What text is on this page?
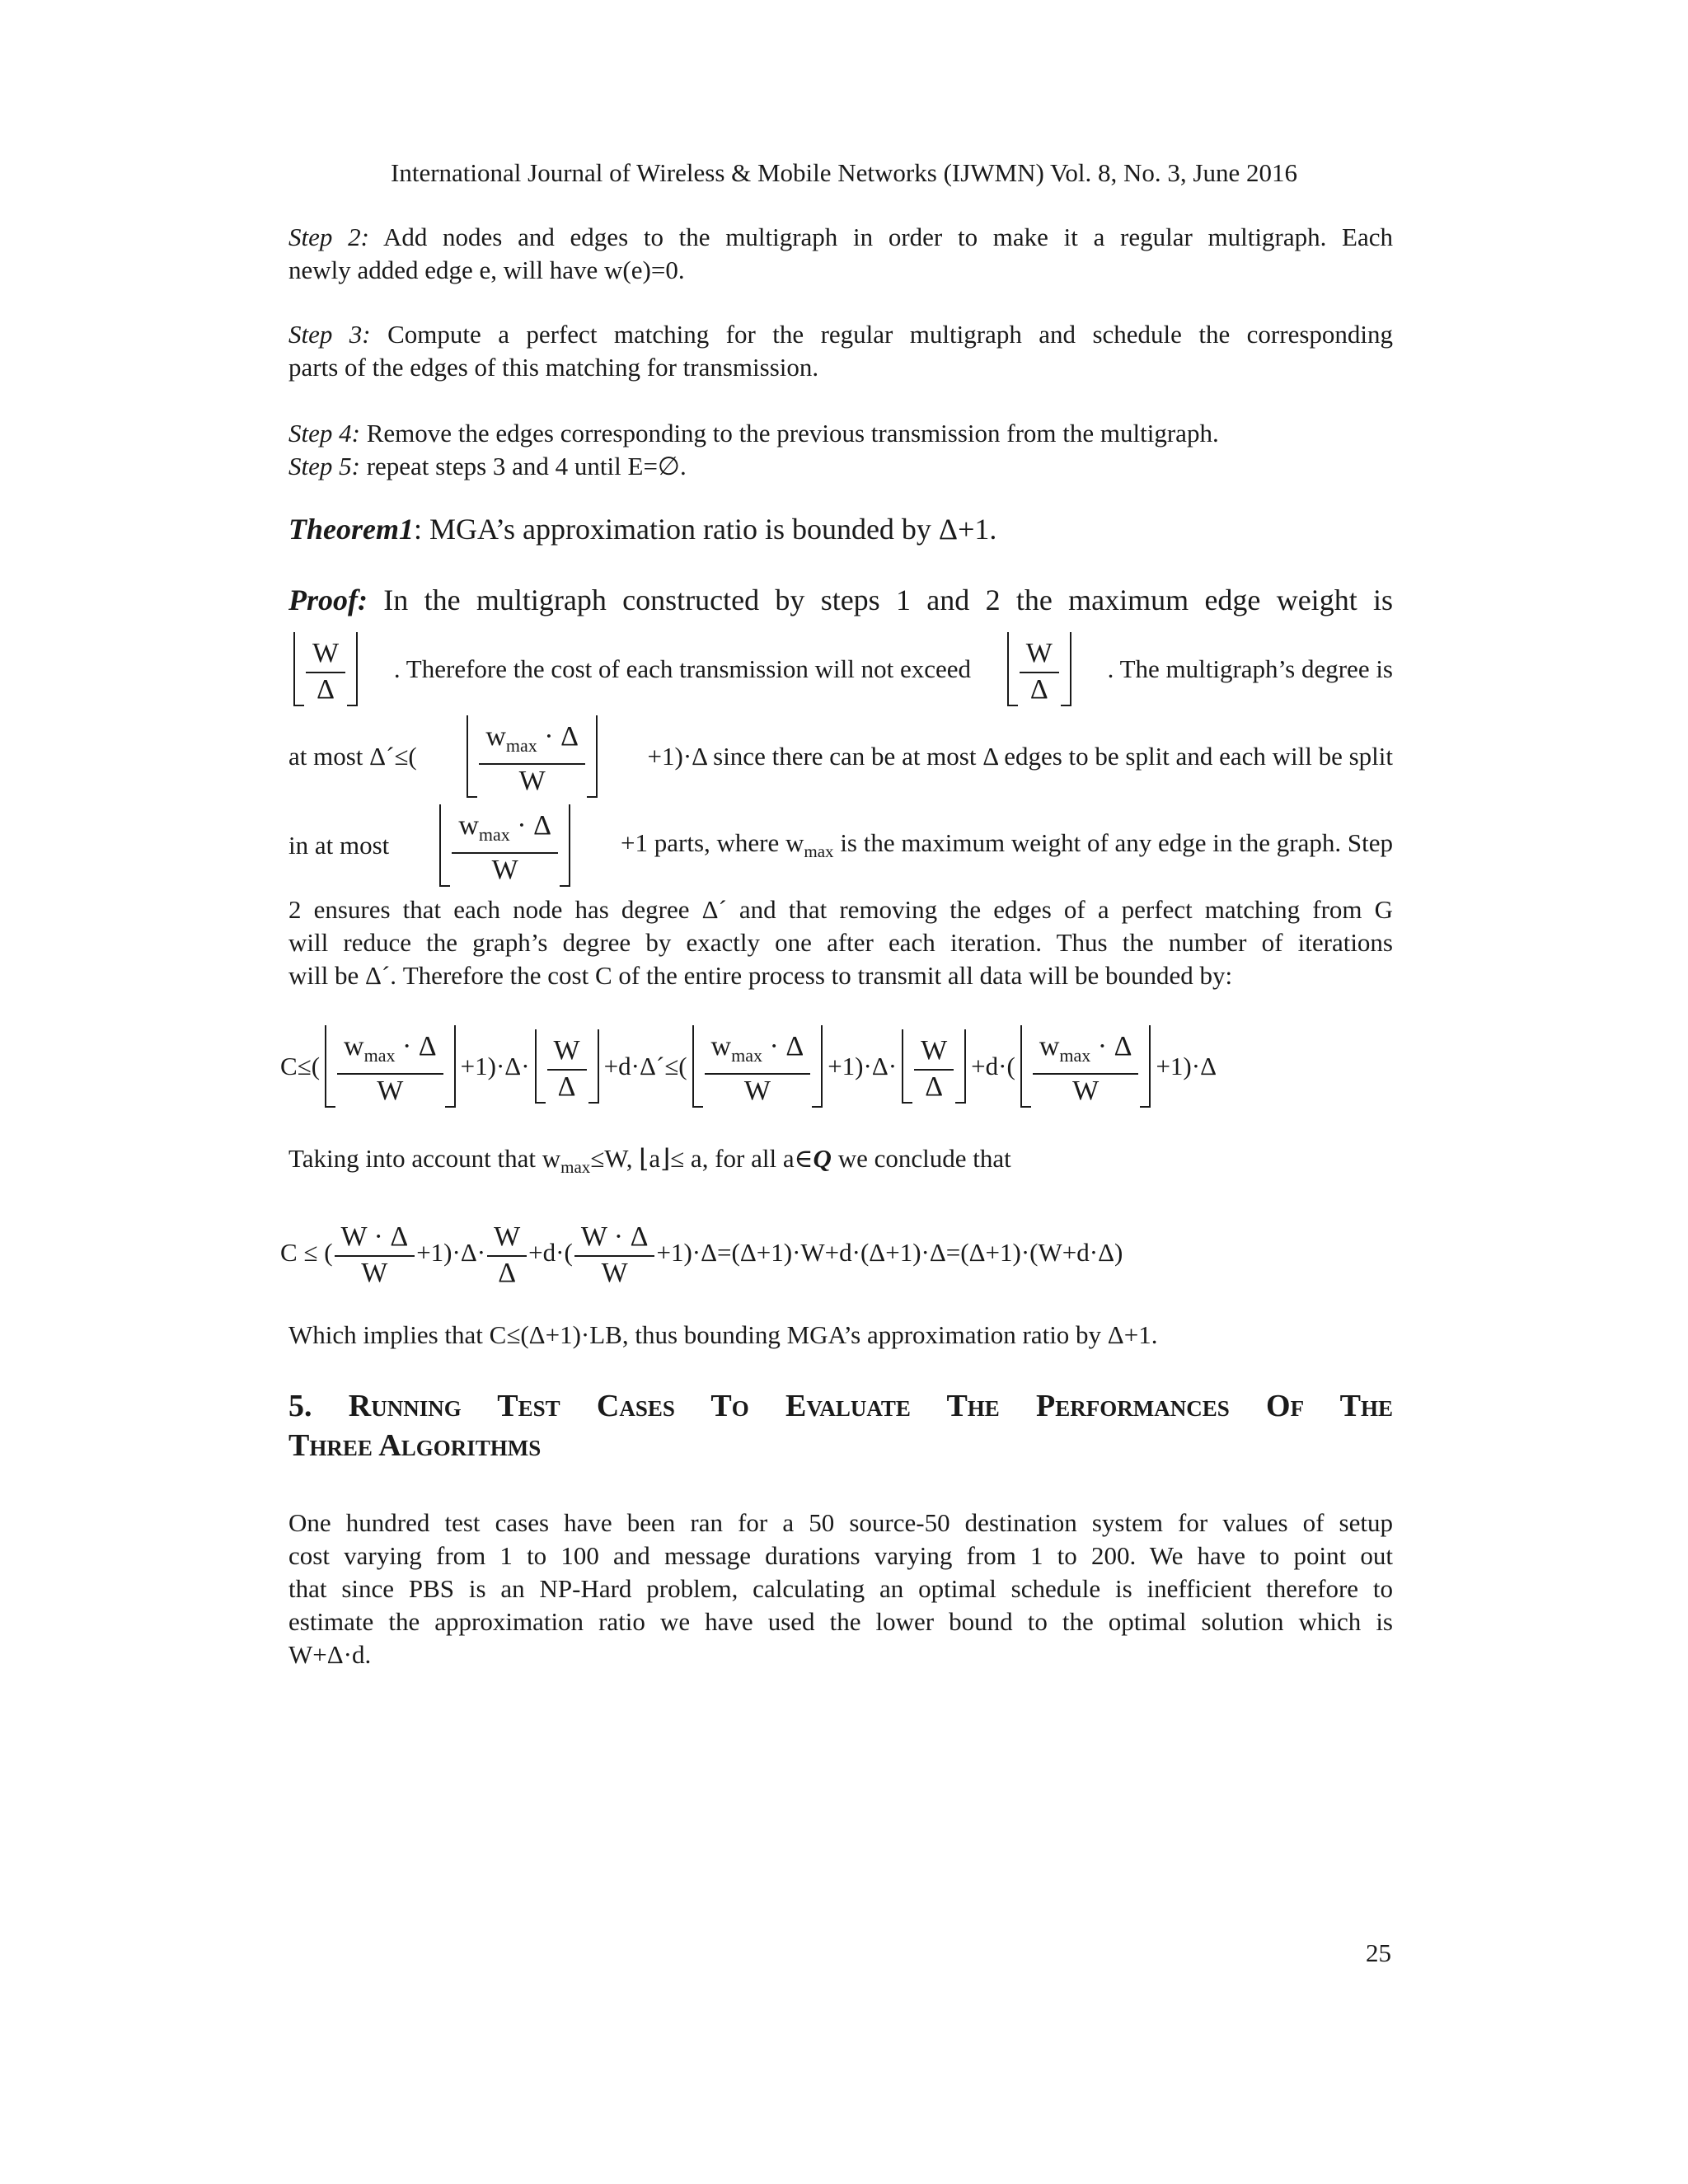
International Journal of Wireless & Mobile Networks (IJWMN) Vol. 8, No. 3, June 2016
Step 2: Add nodes and edges to the multigraph in order to make it a regular multigraph. Each
newly added edge e, will have w(e)=0.
Step 3: Compute a perfect matching for the regular multigraph and schedule the corresponding
parts of the edges of this matching for transmission.
Step 4: Remove the edges corresponding to the previous transmission from the multigraph.
Step 5: repeat steps 3 and 4 until E=∅.
Theorem1: MGA’s approximation ratio is bounded by Δ+1.
Proof: In the multigraph constructed by steps 1 and 2 the maximum edge weight is
$\frac{W}{\Delta}$ . Therefore the cost of each transmission will not exceed $\frac{W}{\Delta}$ . The multigraph’s degree is
at most Δ´≤( $\frac{w_{max} \cdot \Delta}{W} +1)\cdot\Delta$ since there can be at most Δ edges to be split and each will be split
in at most $\frac{w_{max} \cdot \Delta}{W} +1$ parts, where $w_{max}$ is the maximum weight of any edge in the graph. Step
2 ensures that each node has degree Δ´ and that removing the edges of a perfect matching from G
will reduce the graph’s degree by exactly one after each iteration. Thus the number of iterations
will be Δ´. Therefore the cost C of the entire process to transmit all data will be bounded by:
$C\le( \frac{w_{max} \cdot \Delta}{W} +1)\cdot\Delta\cdot \frac{W}{\Delta}$ +d·Δ´≤( $\frac{w_{max} \cdot \Delta}{W} +1)\cdot\Delta\cdot \frac{W}{\Delta} +d\cdot( \frac{w_{max} \cdot \Delta}{W} +1)\cdot\Delta$
Taking into account that $w_{max}\le W$, ⌊a⌋≤ a, for all a∈Q we conclude that
C ≤ ( $\frac{W \cdot \Delta}{W} +1)\cdot\Delta\cdot \frac{W}{\Delta} +d\cdot( \frac{W \cdot \Delta}{W} +1)\cdot\Delta=(\Delta+1)\cdot W+d\cdot(\Delta+1)\cdot\Delta=(\Delta+1)\cdot(W+d\cdot\Delta)$
Which implies that C≤(Δ+1)·LB, thus bounding MGA’s approximation ratio by Δ+1.
5. Running Test Cases To Evaluate The Performances Of The
Three Algorithms
One hundred test cases have been ran for a 50 source-50 destination system for values of setup
cost varying from 1 to 100 and message durations varying from 1 to 200. We have to point out
that since PBS is an NP-Hard problem, calculating an optimal schedule is inefficient therefore to
estimate the approximation ratio we have used the lower bound to the optimal solution which is
W+Δ·d.
25
